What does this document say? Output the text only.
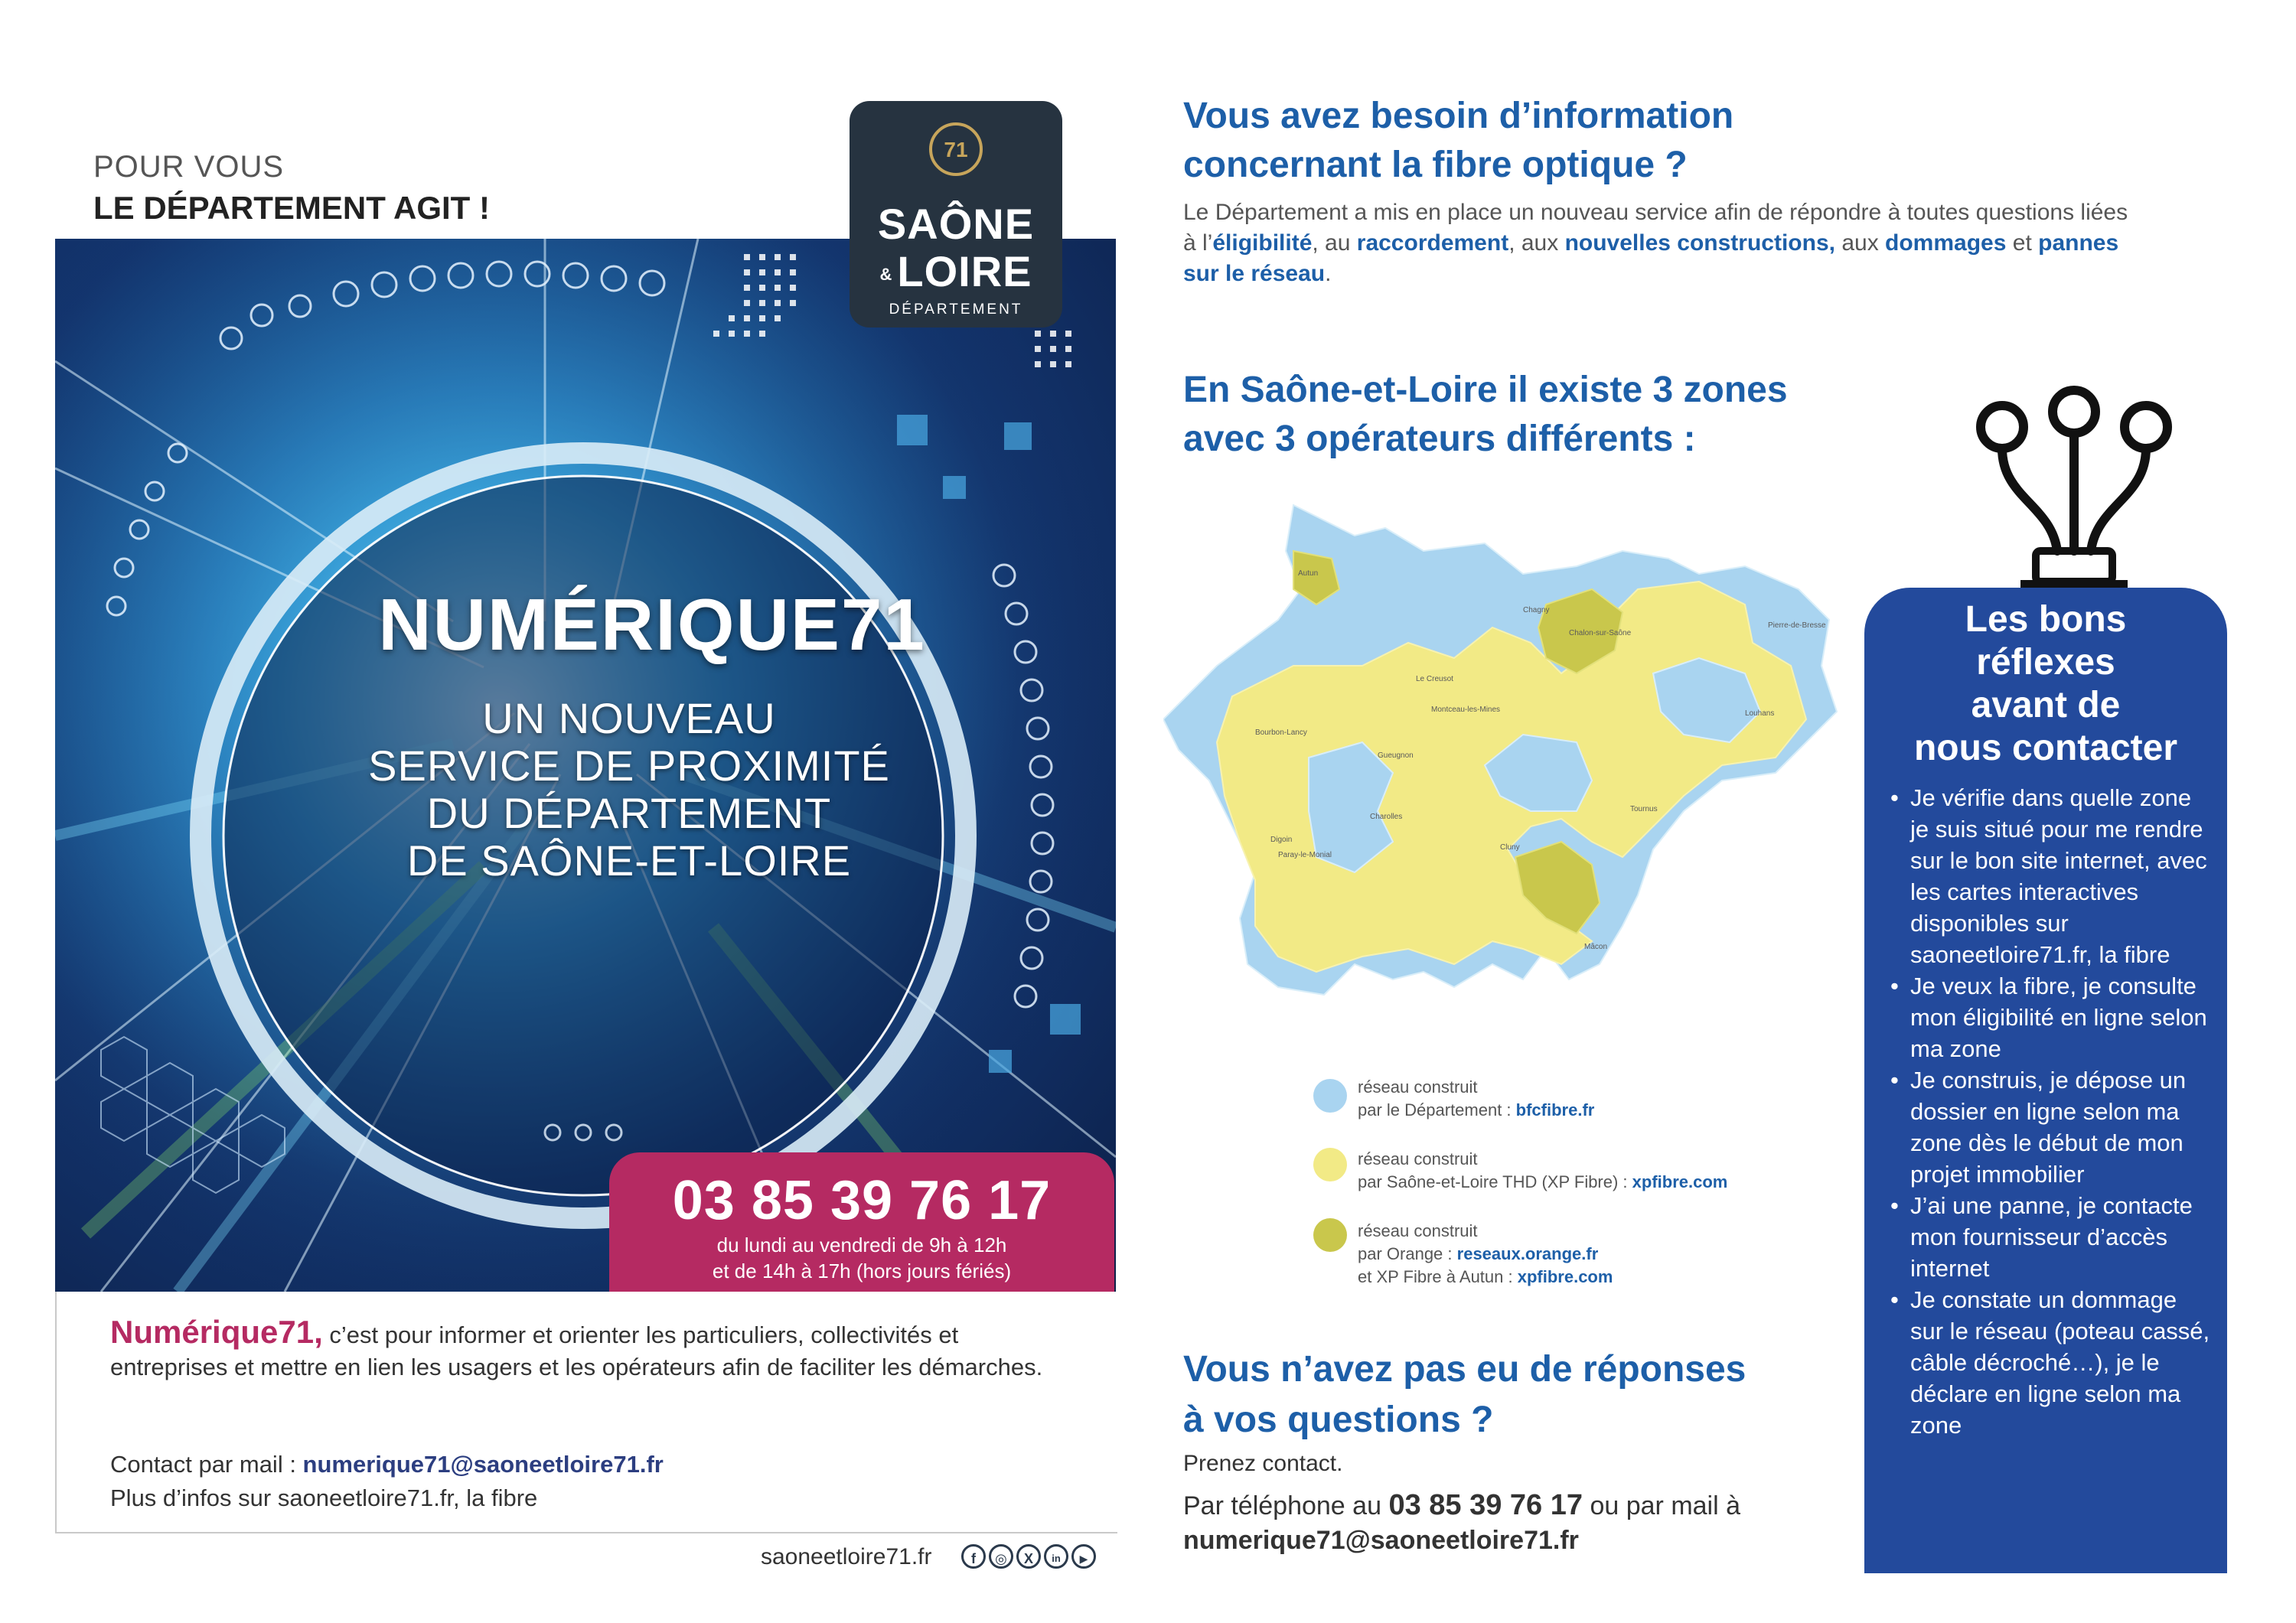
POUR VOUS
LE DÉPARTEMENT AGIT !
NUMÉRIQUE71
UN NOUVEAU
SERVICE DE PROXIMITÉ
DU DÉPARTEMENT
DE SAÔNE-ET-LOIRE
71
SAÔNE
& LOIRE
DÉPARTEMENT
03 85 39 76 17
du lundi au vendredi de 9h à 12h
et de 14h à 17h (hors jours fériés)
Numérique71, c’est pour informer et orienter les particuliers, collectivités et entreprises et mettre en lien les usagers et les opérateurs afin de faciliter les démarches.
Contact par mail : numerique71@saoneetloire71.fr
Plus d’infos sur saoneetloire71.fr, la fibre
saoneetloire71.fr	f	◎	X	in	▶
Vous avez besoin d’information
concernant la fibre optique ?
Le Département a mis en place un nouveau service afin de répondre à toutes questions liées à l’éligibilité, au raccordement, aux nouvelles constructions, aux dommages et pannes sur le réseau.
En Saône-et-Loire il existe 3 zones
avec 3 opérateurs différents :
Autun
Chalon-sur-Saône
Louhans
Mâcon
Charolles
Digoin
Paray-le-Monial
Le Creusot
Montceau-les-Mines
Cluny
Tournus
Gueugnon
Bourbon-Lancy
Chagny
Pierre-de-Bresse
réseau construit
par le Département : bfcfibre.fr
réseau construit
par Saône-et-Loire THD (XP Fibre) : xpfibre.com
réseau construit
par Orange : reseaux.orange.fr
et XP Fibre à Autun : xpfibre.com
Vous n’avez pas eu de réponses
à vos questions ?
Prenez contact.
Par téléphone au 03 85 39 76 17 ou par mail à
numerique71@saoneetloire71.fr
Les bons
réflexes
avant de
nous contacter
• Je vérifie dans quelle zone je suis situé pour me rendre sur le bon site internet, avec les cartes interactives disponibles sur saoneetloire71.fr, la fibre
• Je veux la fibre, je consulte mon éligibilité en ligne selon ma zone
• Je construis, je dépose un dossier en ligne selon ma zone dès le début de mon projet immobilier
• J’ai une panne, je contacte mon fournisseur d’accès internet
• Je constate un dommage sur le réseau (poteau cassé, câble décroché…), je le déclare en ligne selon ma zone
